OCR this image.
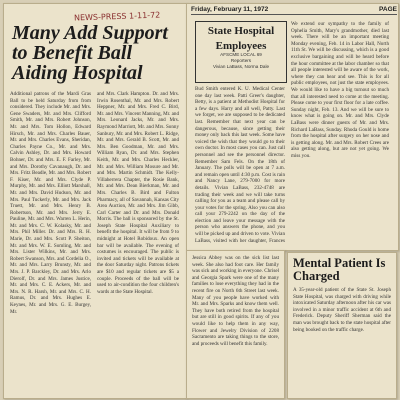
NEWS-PRESS 1-11-72
Many Add Support to Benefit Ball Aiding Hospital
Additional patrons of the Mardi Gras Ball to be held Saturday from from considered. They include Mr. and Mrs. Gene Swaders, Mr. and Mrs. Clifford Smith, Mr. and Mrs. Robert Johnson, Mr. and Mrs. Tom Hollon, Edward Hirsch, Mr. and Mrs. Charles Bauer, Mr. and Mrs. Charles Evans, Sheridan, Charles Payne Co., Mr. and Mrs. Calvin Ashley, Dr. and Mrs. Howard Bohner, Dr. and Mrs. E. F. Farley, Mr. and Mrs. Dorothy Cavanaugh, Dr. and Mrs. Fritz Beadle, Mr. and Mrs. Robert F. Kiser, Mr. and Mrs. Clyde P. Murphy, Mr. and Mrs. Elliott Marshall, Mr. and Mrs. David Hudson, Mr. and Mrs. Paul Tuckerly, Mr. and Mrs. Jack Truett, Mr. and Mrs. Henry B. Robertson, Mr. and Mrs. Jerry E. Pauline, Mr. and Mrs. Warren L. Herin, Mr. and Mrs. C. W. Kolasky, Mr. and Mrs. Phil Miller. Dr. and Mrs. R. H. Marie, Dr. and Mrs. Scott P. Sheiton, Mr. and Mrs. W. E. Somling, Mr. and Mrs. Lister Wilkins, Mr. and Mrs. Robert Swanson, Mrs. and Cordelia O., Mr. and Mrs. Larry Brunsty, Mr. and Mrs. J. P. Barckley, Dr. and Mrs. Arlo Dierolf, Dr. and Mrs. James Justice, Mr. and Mrs. C. E. Ackers, Mr. and Mrs. N. R. Harsh, Mr. and Mrs. C. H. Ramus, Dr. and Mrs. Hughes E. Keynes, Mr. and Mrs. G. E. Burgey, Mr.
and Mrs. Clark Hampton. Dr. and Mrs. Irwin Rosenthal, Mr. and Mrs. Robert Heppner, Mr. and Mrs. Fred C. Bird, Mr. and Mrs. Vincent Manning, Mr. and Mrs. Leonard Jacks, Mr. and Mrs. Raymond Marriott, Mr. and Mrs. Sonny Sanbury, Mr. and Mrs. Robert L. Ridge, Mr. and Mrs. Gerald B. Scott, Mr. and Mrs. Ben Goodman, Mr. and Mrs. William Ryan, Dr. and Mrs. Stephen Keith, Mr. and Mrs. Charles Heckler, Mr. and Mrs. William Mosure and Mr. and Mrs. Martin Schmidt. The Kelly-Villaherrera Chapter, the Rosie Bank, Mr. and Mrs. Dean Bierkman, Mr. and Mrs. Charles B. Bird and Fulton Pharmacy, all of Savannah, Kansas City Area Auction, Mr. and Mrs. Jim Gibb, Carl Carter and Dr. and Mrs. Donald Morris. The ball is sponsored by the St. Joseph State Hospital Auxiliary to benefit the hospital. It will be from 9 to midnight at Hotel Robidoux. An open bar will be available. The evening of costumes is encouraged. The public is invited and tickets will be available at the door Saturday night. Patrons tickets are $10 and regular tickets are $5 a couple. Proceeds of the ball will be used to air-condition the four children's wards at the State Hospital.
Friday, February 11, 1972	PAGE
State Hospital
Employees
AFSCME LOCAL 69
Reporters
Vivian LaBass, Norma Dale
Bud Smith entered K. U. Medical Center one day last week. Patti Greer's daughter, Betty, is a patient at Methodist Hospital for a few days. Harry and all well, Patty. Last we forget, we are supposed to be dedicated last. Remember that next year can be dangerous, because, since getting their money only back this last week. Some have voiced the wish that they would go to their own doctor. In most cases you can. Just call personnel and see the personnel director. Remember Sam Fels. On the 18th of January. The polls will be open at 7 a.m. and remain open until 4:30 p.m. Cost is rain and Nancy Lane, 279-7000 for more details. Vivian LaBass, 232-4748 are trading their week and we will take turns calling for you as a team and please call by your votes for the spring. Also you can also call your 279-2242 on the day of the election and leave your message with the person who answers the phone, and you will be picked up and driven to vote. Vivian LaBass, visited with her daughter, Frances
We extend our sympathy to the family of Ophelia Smith, Mary's grandmother, died last week. There will be an important meeting Monday evening, Feb. 14 in Labor Hall, North 11th St. We will be discussing, which is a good exclusive bargaining and will be heard before the hour committee at the labor chamber so that all people interested will be aware of the work, where they can hear and see. This is for all public employees, not just the state employees. We would like to have a big turnout so much that all interested need to come at the meeting. Please come to your first floor for a late coffee. Sunday night, Feb. 13. And we will be sure to know what is going on. Mr. and Mrs. Clyde LaBass were dinner guests of Mr. and Mrs. Richard LaBass, Sunday. Rhoda Gould is home from the hospital after surgery on her nose and is getting along. Mr. and Mrs. Robert Crees are also getting along, but are not yet going. We miss you.
Jessica Abbey was on the sick list last week. She also had foot care. Her family was sick and working in everyone. Chrisel and Georgia Spark were one of the many families to lose everything they had in the recent fire on North 6th Street last week. Many of you people have worked with Mr. and Mrs. Sparks and know them well. They have both retired from the hospital but are still in good spirits. If any of you would like to help them in any way, Flower and Jewelry Division of 2208 Sacramento are taking things to the store, and proceeds will benefit this family.
Mental Patient Is Charged
A 35-year-old patient of the State St. Joseph State Hospital, was charged with driving while intoxicated Saturday afternoon after his car was involved in a minor traffic accident at 6th and Frederick. Deputy Sheriff Sherman said the man was brought back to the state hospital after being booked on the traffic charge.
